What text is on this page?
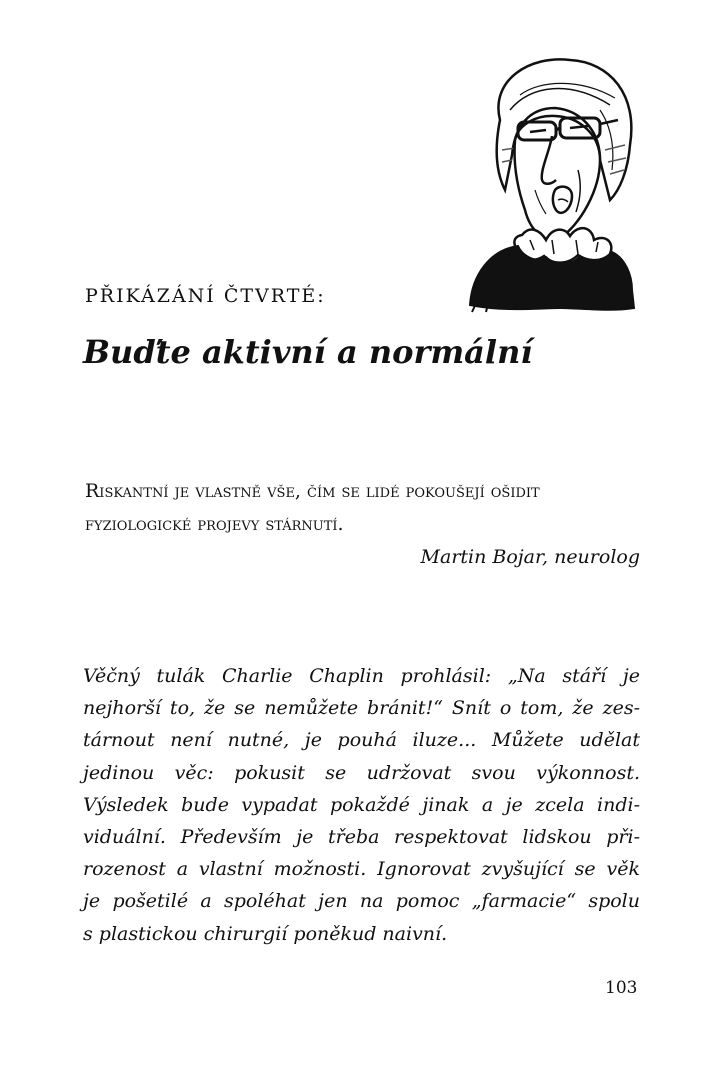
PŘIKÁZÁNÍ ČTVRTÉ:
Buďte aktivní a normální
Riskantní je vlastně vše, čím se lidé pokoušejí ošidit
fyziologické projevy stárnutí.
Martin Bojar, neurolog
Věčný tulák Charlie Chaplin prohlásil: „Na stáří je
nejhorší to, že se nemůžete bránit!“ Snít o tom, že zes-
tárnout není nutné, je pouhá iluze... Můžete udělat
jedinou věc: pokusit se udržovat svou výkonnost.
Výsledek bude vypadat pokaždé jinak a je zcela indi-
viduální. Především je třeba respektovat lidskou při-
rozenost a vlastní možnosti. Ignorovat zvyšující se věk
je pošetilé a spoléhat jen na pomoc „farmacie“ spolu
s plastickou chirurgií poněkud naivní.
103
